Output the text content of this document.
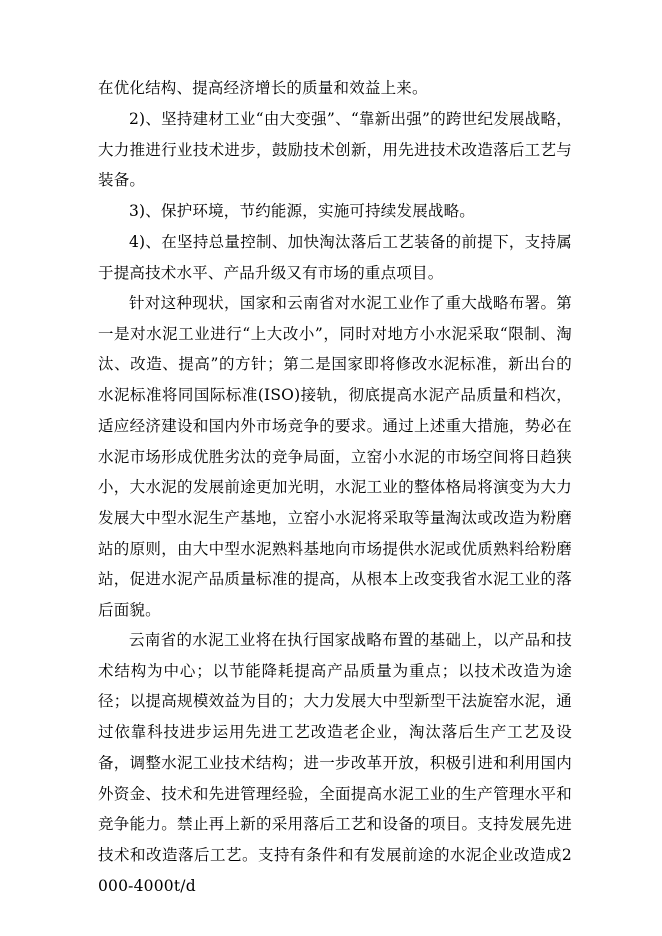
在优化结构、提高经济增长的质量和效益上来。

2)、坚持建材工业“由大变强”、“靠新出强”的跨世纪发展战略，大力推进行业技术进步，鼓励技术创新，用先进技术改造落后工艺与装备。

3)、保护环境，节约能源，实施可持续发展战略。

4)、在坚持总量控制、加快淘汰落后工艺装备的前提下，支持属于提高技术水平、产品升级又有市场的重点项目。

针对这种现状，国家和云南省对水泥工业作了重大战略布署。第一是对水泥工业进行“上大改小”，同时对地方小水泥采取“限制、淘汰、改造、提高”的方针；第二是国家即将修改水泥标准，新出台的水泥标准将同国际标准(ISO)接轨，彻底提高水泥产品质量和档次，适应经济建设和国内外市场竞争的要求。通过上述重大措施，势必在水泥市场形成优胜劣汰的竞争局面，立窑小水泥的市场空间将日趋狭小，大水泥的发展前途更加光明，水泥工业的整体格局将演变为大力发展大中型水泥生产基地，立窑小水泥将采取等量淘汰或改造为粉磨站的原则，由大中型水泥熟料基地向市场提供水泥或优质熟料给粉磨站，促进水泥产品质量标准的提高，从根本上改变我省水泥工业的落后面貌。

云南省的水泥工业将在执行国家战略布置的基础上，以产品和技术结构为中心；以节能降耗提高产品质量为重点；以技术改造为途径；以提高规模效益为目的；大力发展大中型新型干法旋窑水泥，通过依靠科技进步运用先进工艺改造老企业，淘汰落后生产工艺及设备，调整水泥工业技术结构；进一步改革开放，积极引进和利用国内外资金、技术和先进管理经验，全面提高水泥工业的生产管理水平和竞争能力。禁止再上新的采用落后工艺和设备的项目。支持发展先进技术和改造落后工艺。支持有条件和有发展前途的水泥企业改造成2000-4000t/d
